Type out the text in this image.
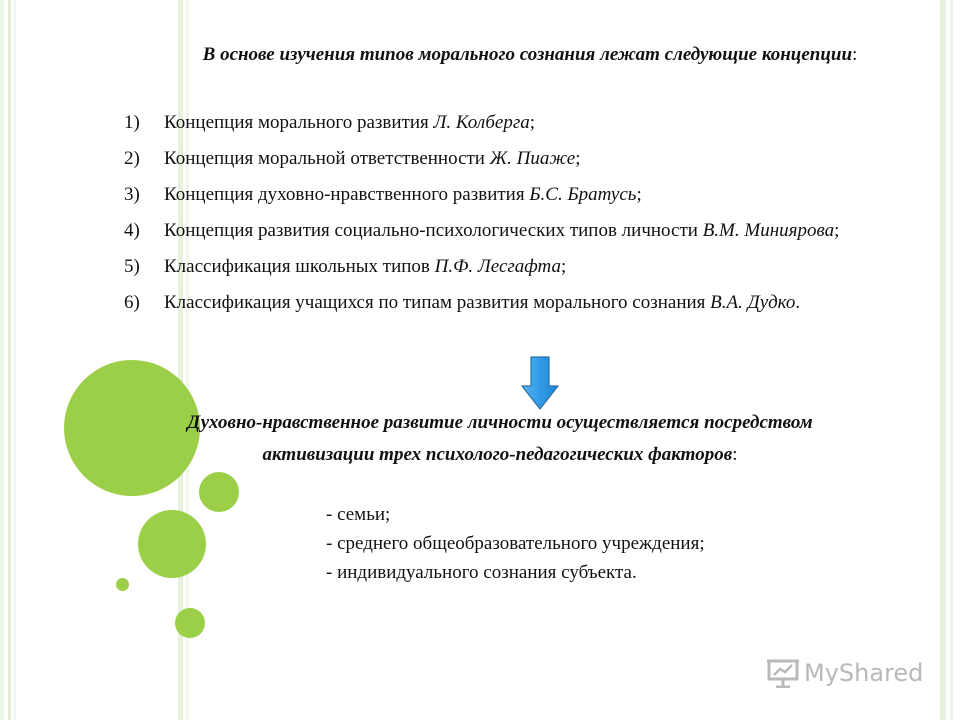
В основе изучения типов морального сознания лежат следующие концепции:
1) Концепция морального развития Л. Колберга;
2) Концепция моральной ответственности Ж. Пиаже;
3) Концепция духовно-нравственного развития Б.С. Братусь;
4) Концепция развития социально-психологических типов личности В.М. Миниярова;
5) Классификация школьных типов П.Ф. Лесгафта;
6) Классификация учащихся по типам развития морального сознания В.А. Дудко.
Духовно-нравственное развитие личности осуществляется посредством активизации трех психолого-педагогических факторов:
- семьи;
- среднего общеобразовательного учреждения;
- индивидуального сознания субъекта.
MyShared
